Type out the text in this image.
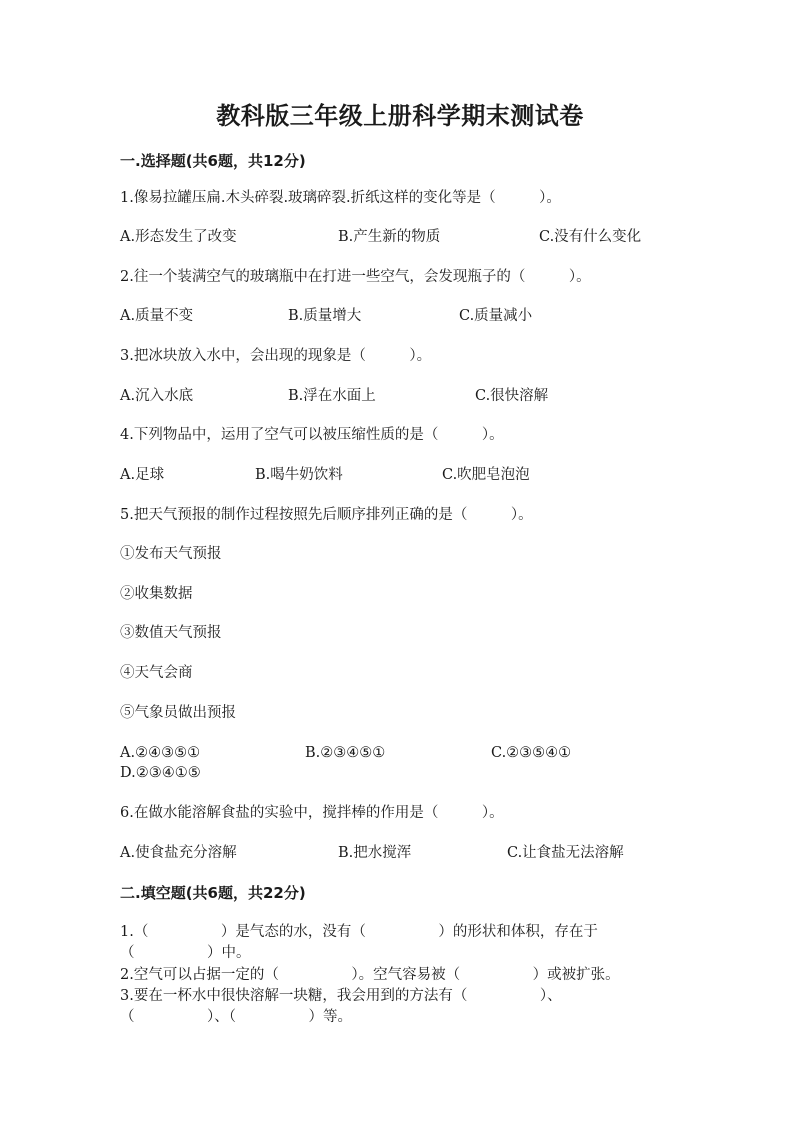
教科版三年级上册科学期末测试卷
一.选择题(共6题，共12分)
1.像易拉罐压扁.木头碎裂.玻璃碎裂.折纸这样的变化等是（　　　）。
A.形态发生了改变	B.产生新的物质	C.没有什么变化
2.往一个装满空气的玻璃瓶中在打进一些空气，会发现瓶子的（　　　）。
A.质量不变	B.质量增大	C.质量减小
3.把冰块放入水中，会出现的现象是（　　　）。
A.沉入水底	B.浮在水面上	C.很快溶解
4.下列物品中，运用了空气可以被压缩性质的是（　　　）。
A.足球	B.喝牛奶饮料	C.吹肥皂泡泡
5.把天气预报的制作过程按照先后顺序排列正确的是（　　　）。
①发布天气预报
②收集数据
③数值天气预报
④天气会商
⑤气象员做出预报
A.②④③⑤①	B.②③④⑤①	C.②③⑤④①
D.②③④①⑤
6.在做水能溶解食盐的实验中，搅拌棒的作用是（　　　）。
A.使食盐充分溶解	B.把水搅浑	C.让食盐无法溶解
二.填空题(共6题，共22分)
1.（　　　　　）是气态的水，没有（　　　　　）的形状和体积，存在于
（　　　　　）中。
2.空气可以占据一定的（　　　　　）。空气容易被（　　　　　）或被扩张。
3.要在一杯水中很快溶解一块糖，我会用到的方法有（　　　　　）、
（　　　　　）、（　　　　　）等。
